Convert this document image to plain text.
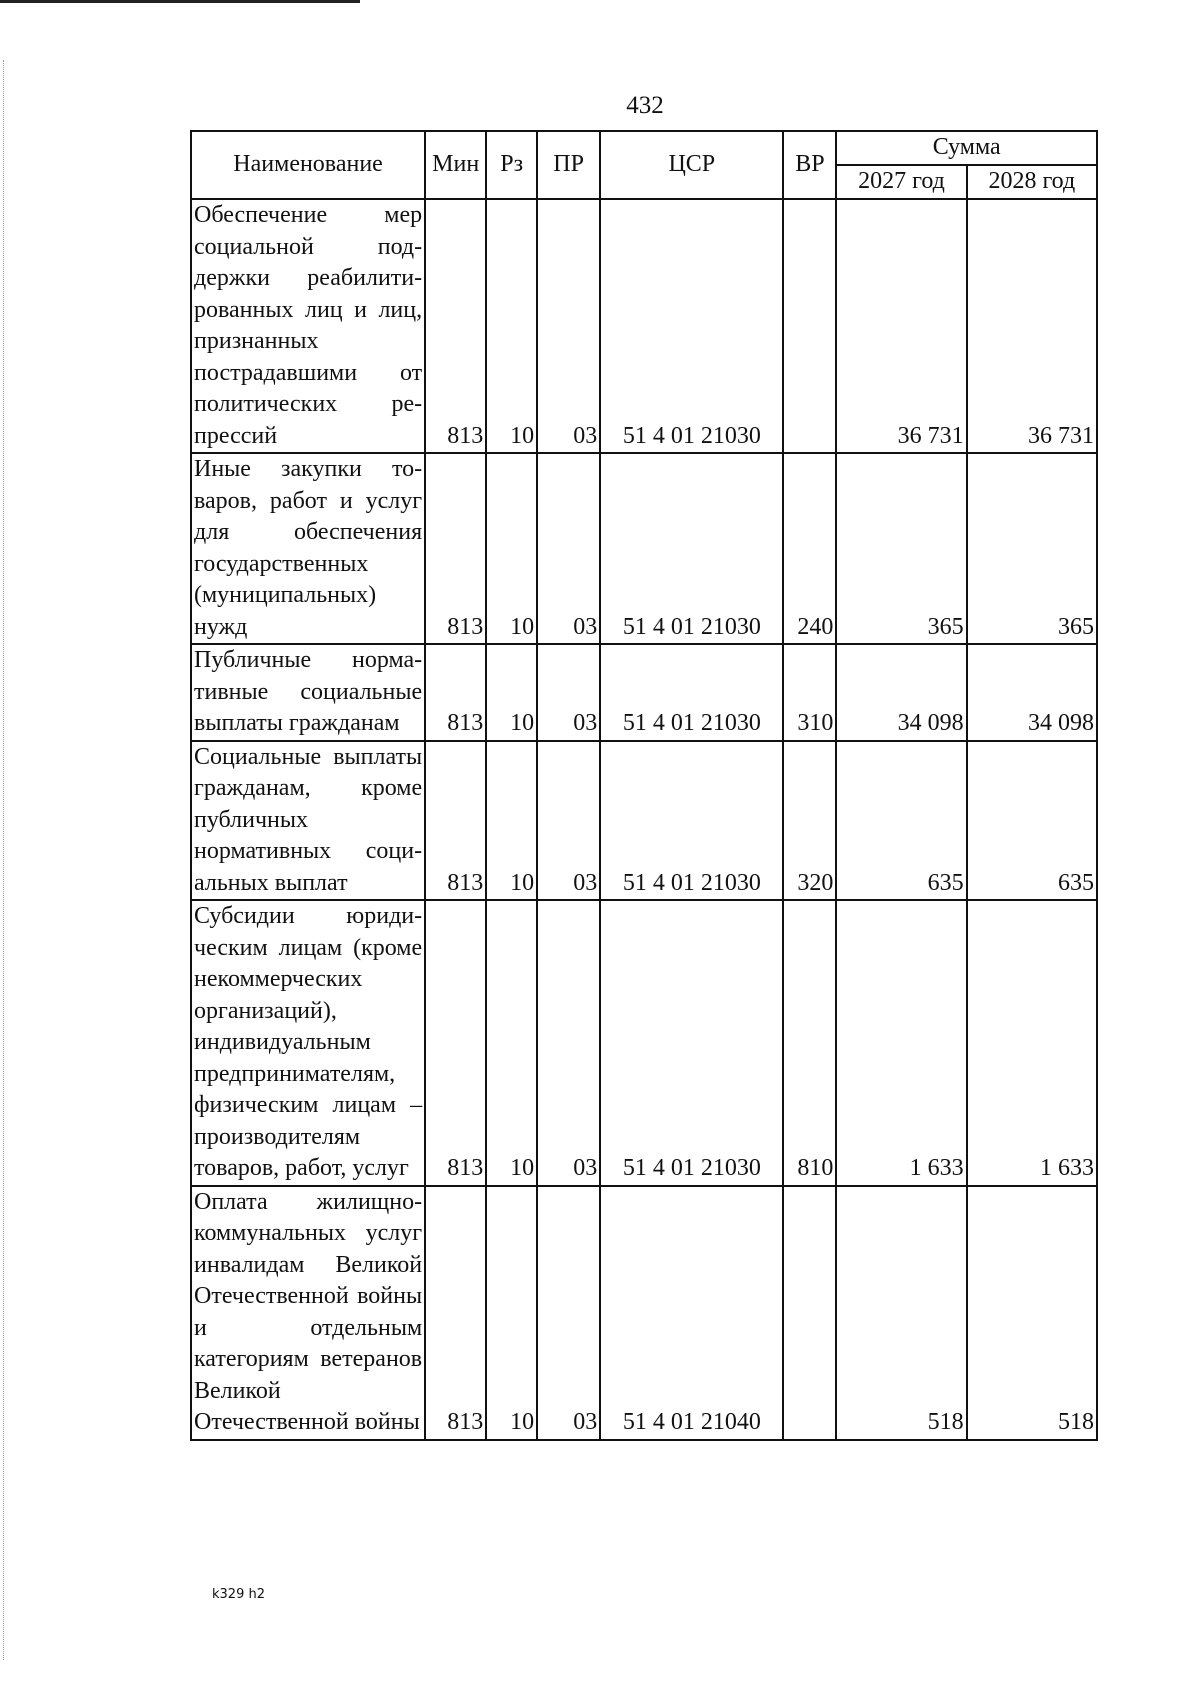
432
Наименование	Мин	Рз	ПР	ЦСР	ВР	Сумма	
						2027 год	2028 год
Обеспечение мер социальной поддержки реабилитированных лиц и лиц, признанных пострадавшими от политических репрессий	813	10	03	51 4 01 21030		36 731	36 731
Иные закупки товаров, работ и услуг для обеспечения государственных (муниципальных) нужд	813	10	03	51 4 01 21030	240	365	365
Публичные нормативные социальные выплаты гражданам	813	10	03	51 4 01 21030	310	34 098	34 098
Социальные выплаты гражданам, кроме публичных нормативных социальных выплат	813	10	03	51 4 01 21030	320	635	635
Субсидии юридическим лицам (кроме некоммерческих организаций), индивидуальным предпринимателям, физическим лицам – производителям товаров, работ, услуг	813	10	03	51 4 01 21030	810	1 633	1 633
Оплата жилищно-коммунальных услуг инвалидам Великой Отечественной войны и отдельным категориям ветеранов Великой Отечественной войны	813	10	03	51 4 01 21040		518	518
k329 h2
